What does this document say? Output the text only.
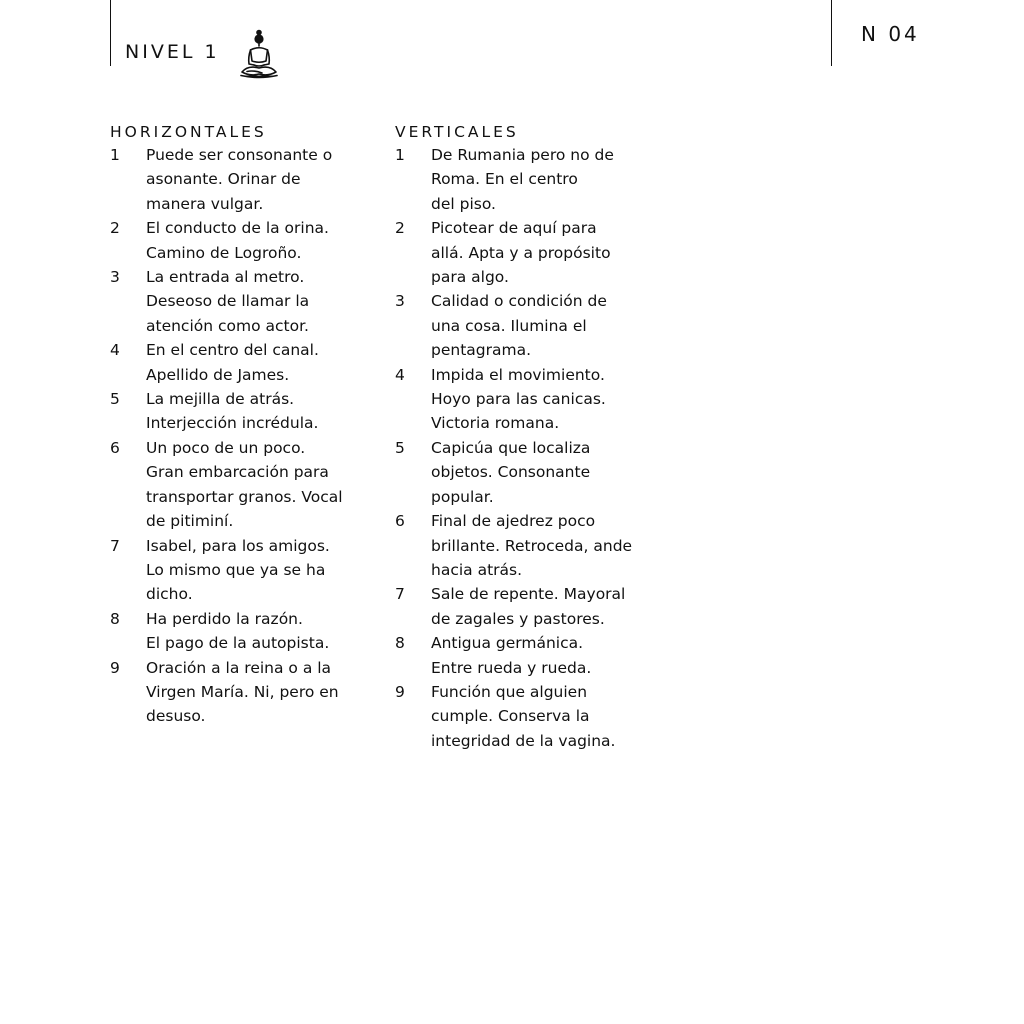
NIVEL 1
N 04
HORIZONTALES
1 Puede ser consonante o
asonante. Orinar de
manera vulgar.
2 El conducto de la orina.
Camino de Logroño.
3 La entrada al metro.
Deseoso de llamar la
atención como actor.
4 En el centro del canal.
Apellido de James.
5 La mejilla de atrás.
Interjección incrédula.
6 Un poco de un poco.
Gran embarcación para
transportar granos. Vocal
de pitiminí.
7 Isabel, para los amigos.
Lo mismo que ya se ha
dicho.
8 Ha perdido la razón.
El pago de la autopista.
9 Oración a la reina o a la
Virgen María. Ni, pero en
desuso.
VERTICALES
1 De Rumania pero no de
Roma. En el centro
del piso.
2 Picotear de aquí para
allá. Apta y a propósito
para algo.
3 Calidad o condición de
una cosa. Ilumina el
pentagrama.
4 Impida el movimiento.
Hoyo para las canicas.
Victoria romana.
5 Capicúa que localiza
objetos. Consonante
popular.
6 Final de ajedrez poco
brillante. Retroceda, ande
hacia atrás.
7 Sale de repente. Mayoral
de zagales y pastores.
8 Antigua germánica.
Entre rueda y rueda.
9 Función que alguien
cumple. Conserva la
integridad de la vagina.
